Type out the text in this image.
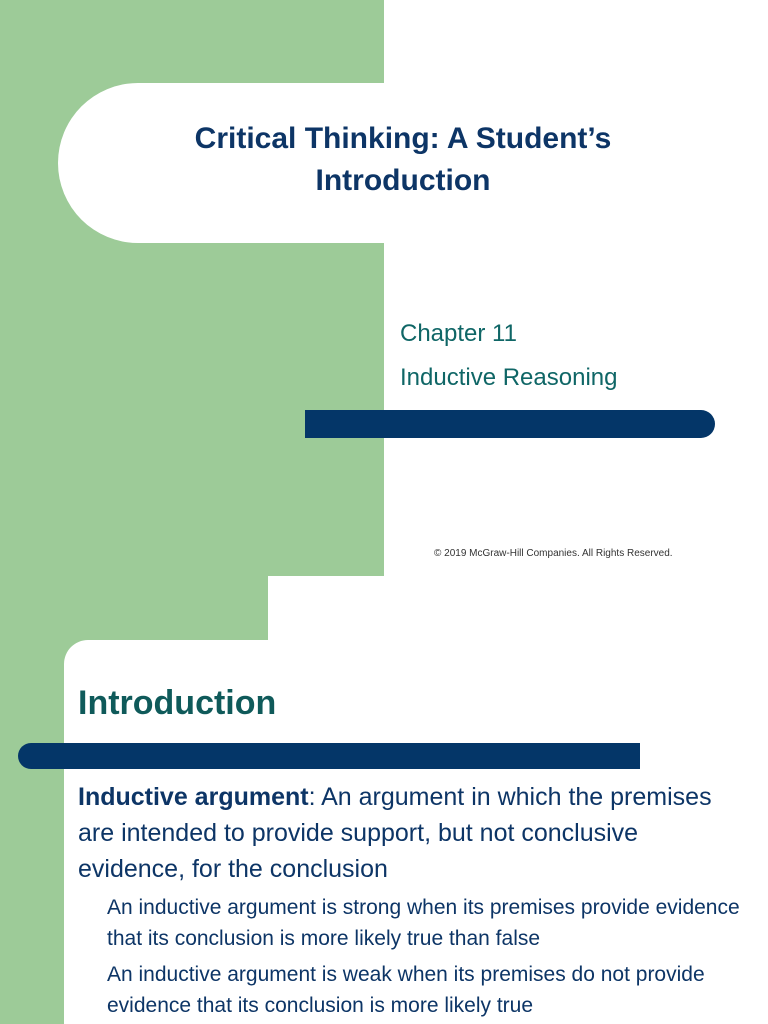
Critical Thinking: A Student’s Introduction

Chapter 11

Inductive Reasoning

© 2019 McGraw-Hill Companies. All Rights Reserved.

Introduction

Inductive argument: An argument in which the premises are intended to provide support, but not conclusive evidence, for the conclusion

An inductive argument is strong when its premises provide evidence that its conclusion is more likely true than false

An inductive argument is weak when its premises do not provide evidence that its conclusion is more likely true
